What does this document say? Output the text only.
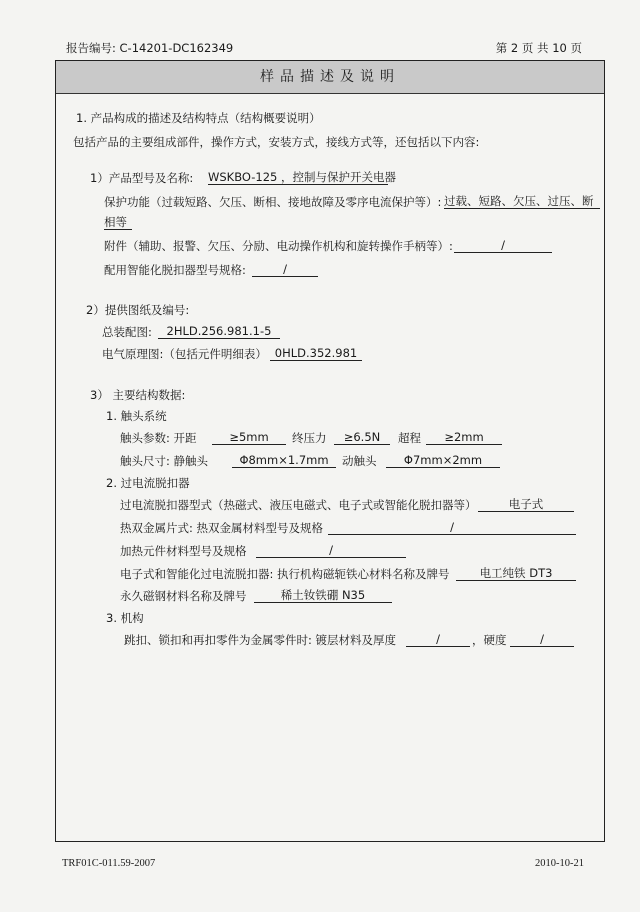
报告编号: C-14201-DC162349	第 2 页 共 10 页
样品描述及说明
1. 产品构成的描述及结构特点（结构概要说明）
包括产品的主要组成部件，操作方式，安装方式，接线方式等，还包括以下内容:
1）产品型号及名称: WSKBO-125 ，控制与保护开关电器
保护功能（过载短路、欠压、断相、接地故障及零序电流保护等）: 过载、短路、欠压、过压、断
相等
附件（辅助、报警、欠压、分励、电动操作机构和旋转操作手柄等）:	/
配用智能化脱扣器型号规格:	/
2）提供图纸及编号:
总装配图:	2HLD.256.981.1-5
电气原理图:（包括元件明细表） 0HLD.352.981
3） 主要结构数据:
1. 触头系统
触头参数: 开距	≥5mm	终压力	≥6.5N	超程	≥2mm
触头尺寸: 静触头	Φ8mm×1.7mm	动触头	Φ7mm×2mm
2. 过电流脱扣器
过电流脱扣器型式（热磁式、液压电磁式、电子式或智能化脱扣器等）	电子式
热双金属片式: 热双金属材料型号及规格	/
加热元件材料型号及规格	/
电子式和智能化过电流脱扣器: 执行机构磁轭铁心材料名称及牌号	电工纯铁 DT3
永久磁钢材料名称及牌号	稀土钕铁硼 N35
3. 机构
跳扣、锁扣和再扣零件为金属零件时: 镀层材料及厚度	/	，硬度	/
TRF01C-011.59-2007	2010-10-21
